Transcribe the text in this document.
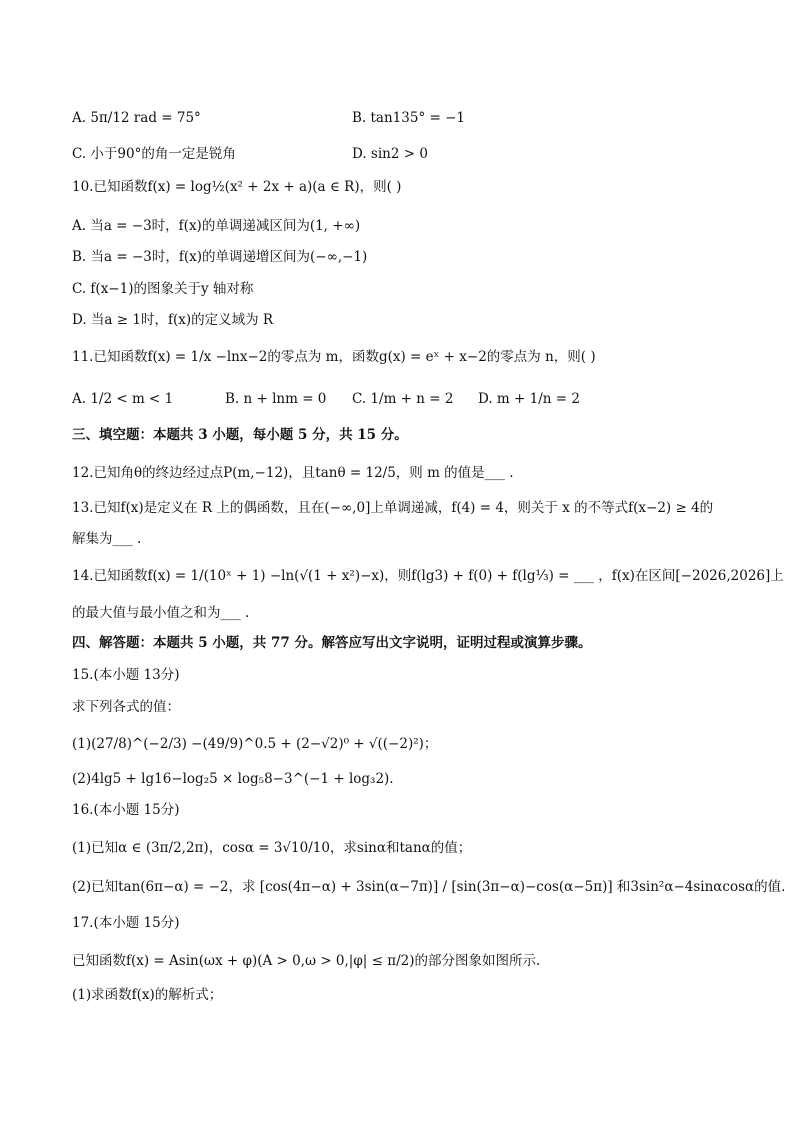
A. 5π/12 rad = 75°	B. tan135° = −1
C. 小于90°的角一定是锐角	D. sin2 > 0
10.已知函数f(x) = log½(x² + 2x + a)(a ∈ R)，则( )
A. 当a = −3时，f(x)的单调递减区间为(1, +∞)
B. 当a = −3时，f(x)的单调递增区间为(−∞,−1)
C. f(x−1)的图象关于y 轴对称
D. 当a ≥ 1时，f(x)的定义域为 R
11.已知函数f(x) = 1/x −lnx−2的零点为 m，函数g(x) = eˣ + x−2的零点为 n，则( )
A. 1/2 < m < 1	B. n + lnm = 0 C. 1/m + n = 2 D. m + 1/n = 2
三、填空题：本题共 3 小题，每小题 5 分，共 15 分。
12.已知角θ的终边经过点P(m,−12)，且tanθ = 12/5，则 m 的值是___ .
13.已知f(x)是定义在 R 上的偶函数，且在(−∞,0]上单调递减，f(4) = 4，则关于 x 的不等式f(x−2) ≥ 4的
解集为___ .
14.已知函数f(x) = 1/(10ˣ + 1) −ln(√(1 + x²)−x)，则f(lg3) + f(0) + f(lg⅓) = ___ ，f(x)在区间[−2026,2026]上
的最大值与最小值之和为___ .
四、解答题：本题共 5 小题，共 77 分。解答应写出文字说明，证明过程或演算步骤。
15.(本小题 13分)
求下列各式的值：
(1)(27/8)^(−2/3) −(49/9)^0.5 + (2−√2)⁰ + √((−2)²)；
(2)4lg5 + lg16−log₂5 × log₅8−3^(−1 + log₃2).
16.(本小题 15分)
(1)已知α ∈ (3π/2,2π)，cosα = 3√10/10，求sinα和tanα的值；
(2)已知tan(6π−α) = −2，求 [cos(4π−α) + 3sin(α−7π)] / [sin(3π−α)−cos(α−5π)] 和3sin²α−4sinαcosα的值.
17.(本小题 15分)
已知函数f(x) = Asin(ωx + φ)(A > 0,ω > 0,|φ| ≤ π/2)的部分图象如图所示.
(1)求函数f(x)的解析式；
